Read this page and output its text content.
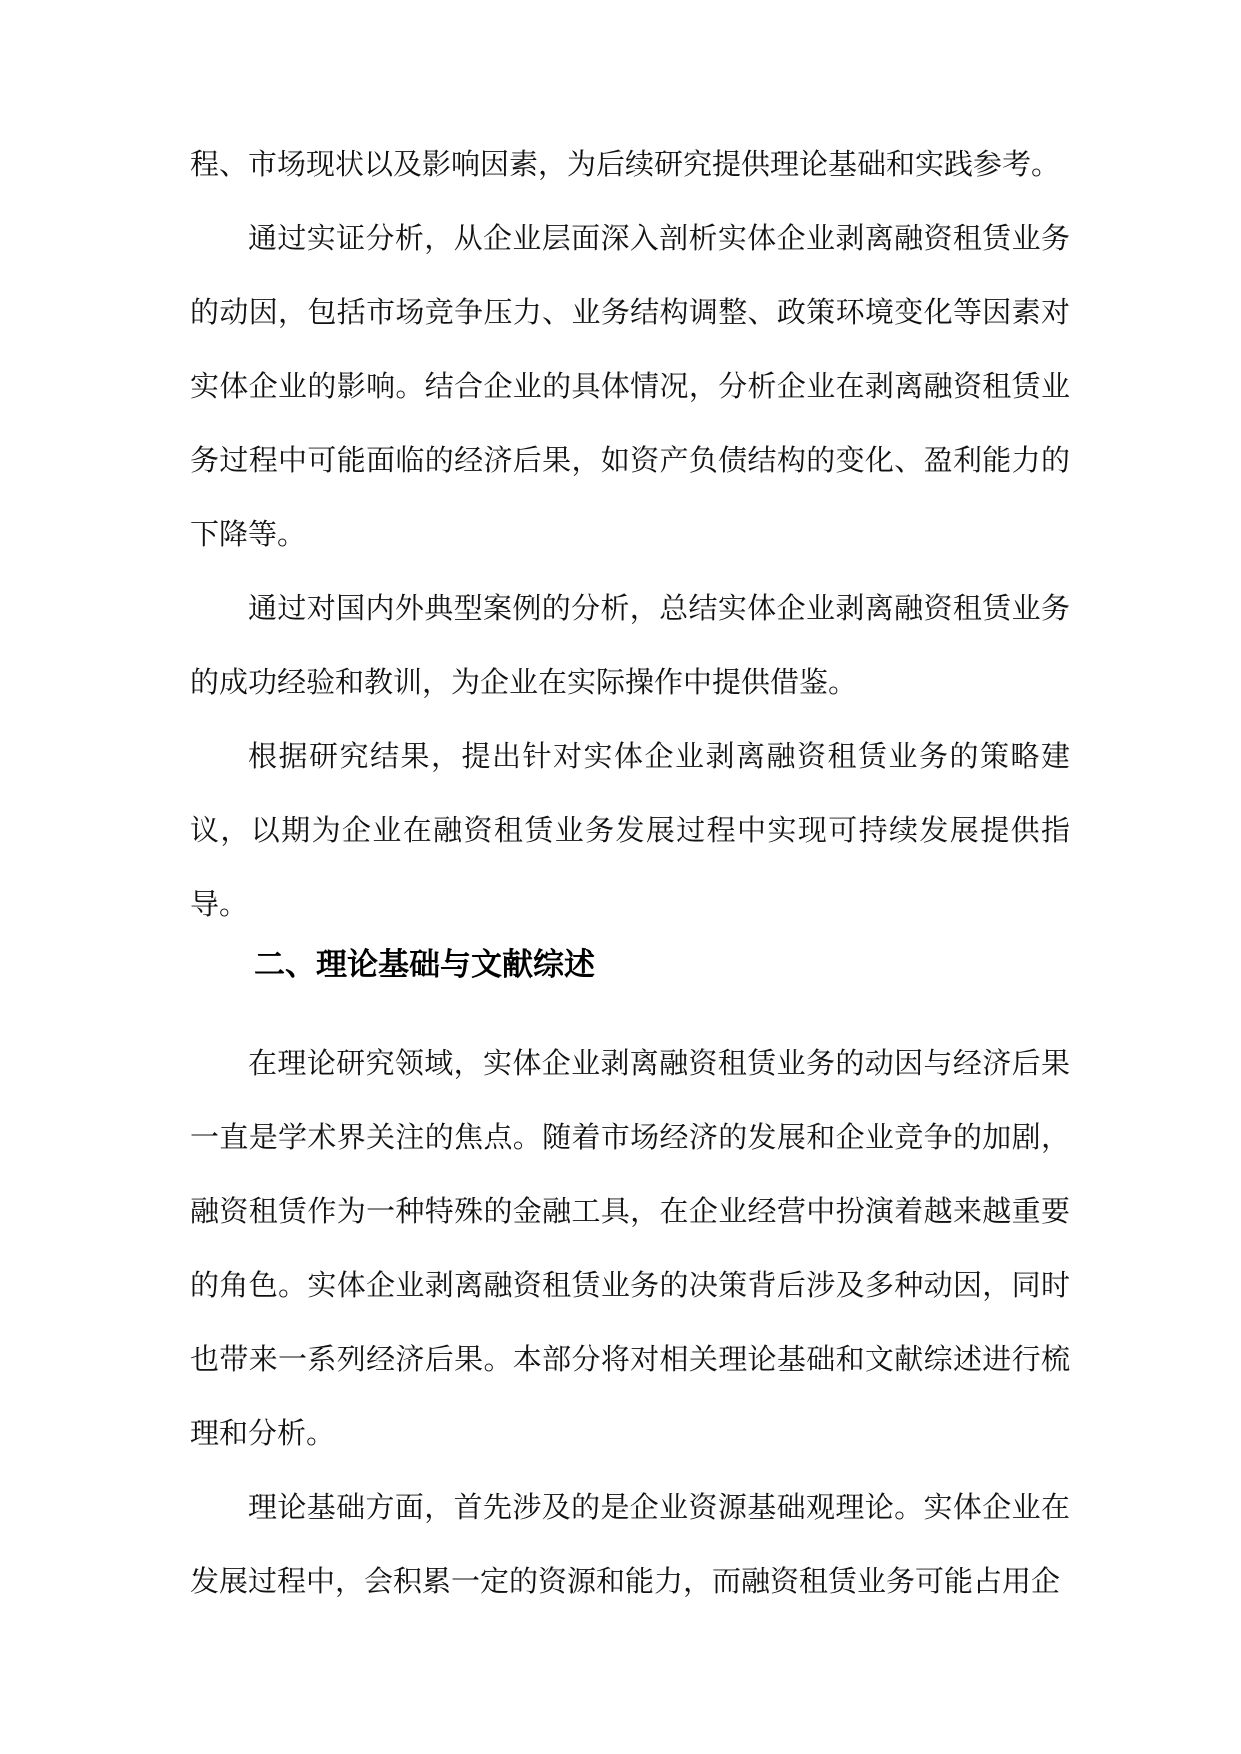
程、市场现状以及影响因素，为后续研究提供理论基础和实践参考。

通过实证分析，从企业层面深入剖析实体企业剥离融资租赁业务的动因，包括市场竞争压力、业务结构调整、政策环境变化等因素对实体企业的影响。结合企业的具体情况，分析企业在剥离融资租赁业务过程中可能面临的经济后果，如资产负债结构的变化、盈利能力的下降等。

通过对国内外典型案例的分析，总结实体企业剥离融资租赁业务的成功经验和教训，为企业在实际操作中提供借鉴。

根据研究结果，提出针对实体企业剥离融资租赁业务的策略建议，以期为企业在融资租赁业务发展过程中实现可持续发展提供指导。

二、理论基础与文献综述

在理论研究领域，实体企业剥离融资租赁业务的动因与经济后果一直是学术界关注的焦点。随着市场经济的发展和企业竞争的加剧，融资租赁作为一种特殊的金融工具，在企业经营中扮演着越来越重要的角色。实体企业剥离融资租赁业务的决策背后涉及多种动因，同时也带来一系列经济后果。本部分将对相关理论基础和文献综述进行梳理和分析。

理论基础方面，首先涉及的是企业资源基础观理论。实体企业在发展过程中，会积累一定的资源和能力，而融资租赁业务可能占用企
